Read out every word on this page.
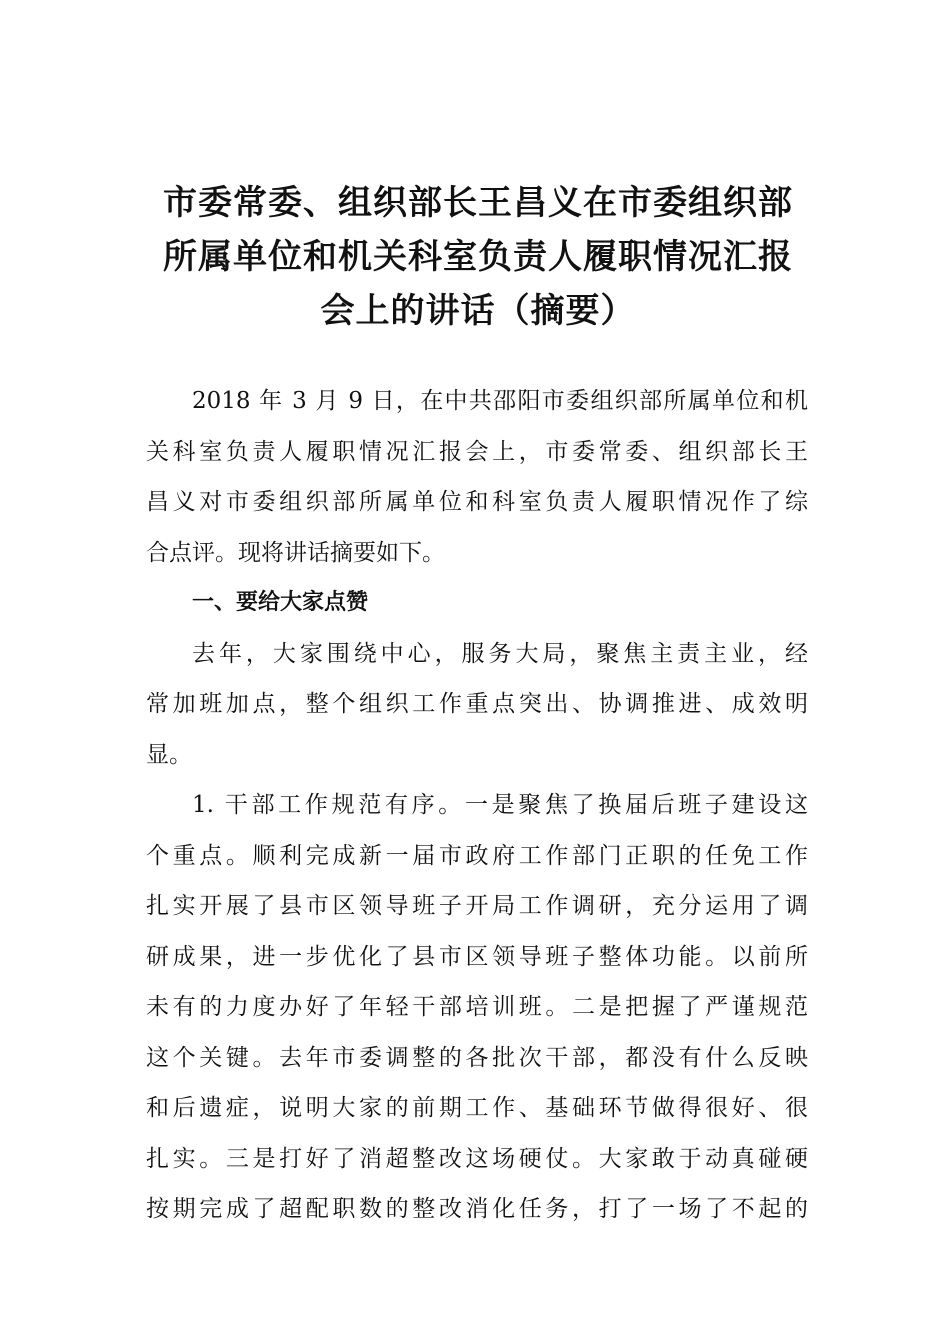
市委常委、组织部长王昌义在市委组织部
所属单位和机关科室负责人履职情况汇报
会上的讲话（摘要）
2018 年 3 月 9 日，在中共邵阳市委组织部所属单位和机
关科室负责人履职情况汇报会上，市委常委、组织部长王
昌义对市委组织部所属单位和科室负责人履职情况作了综
合点评。现将讲话摘要如下。
一、要给大家点赞
去年，大家围绕中心，服务大局，聚焦主责主业，经
常加班加点，整个组织工作重点突出、协调推进、成效明
显。
1. 干部工作规范有序。一是聚焦了换届后班子建设这
个重点。顺利完成新一届市政府工作部门正职的任免工作
扎实开展了县市区领导班子开局工作调研，充分运用了调
研成果，进一步优化了县市区领导班子整体功能。以前所
未有的力度办好了年轻干部培训班。二是把握了严谨规范
这个关键。去年市委调整的各批次干部，都没有什么反映
和后遗症，说明大家的前期工作、基础环节做得很好、很
扎实。三是打好了消超整改这场硬仗。大家敢于动真碰硬
按期完成了超配职数的整改消化任务，打了一场了不起的
